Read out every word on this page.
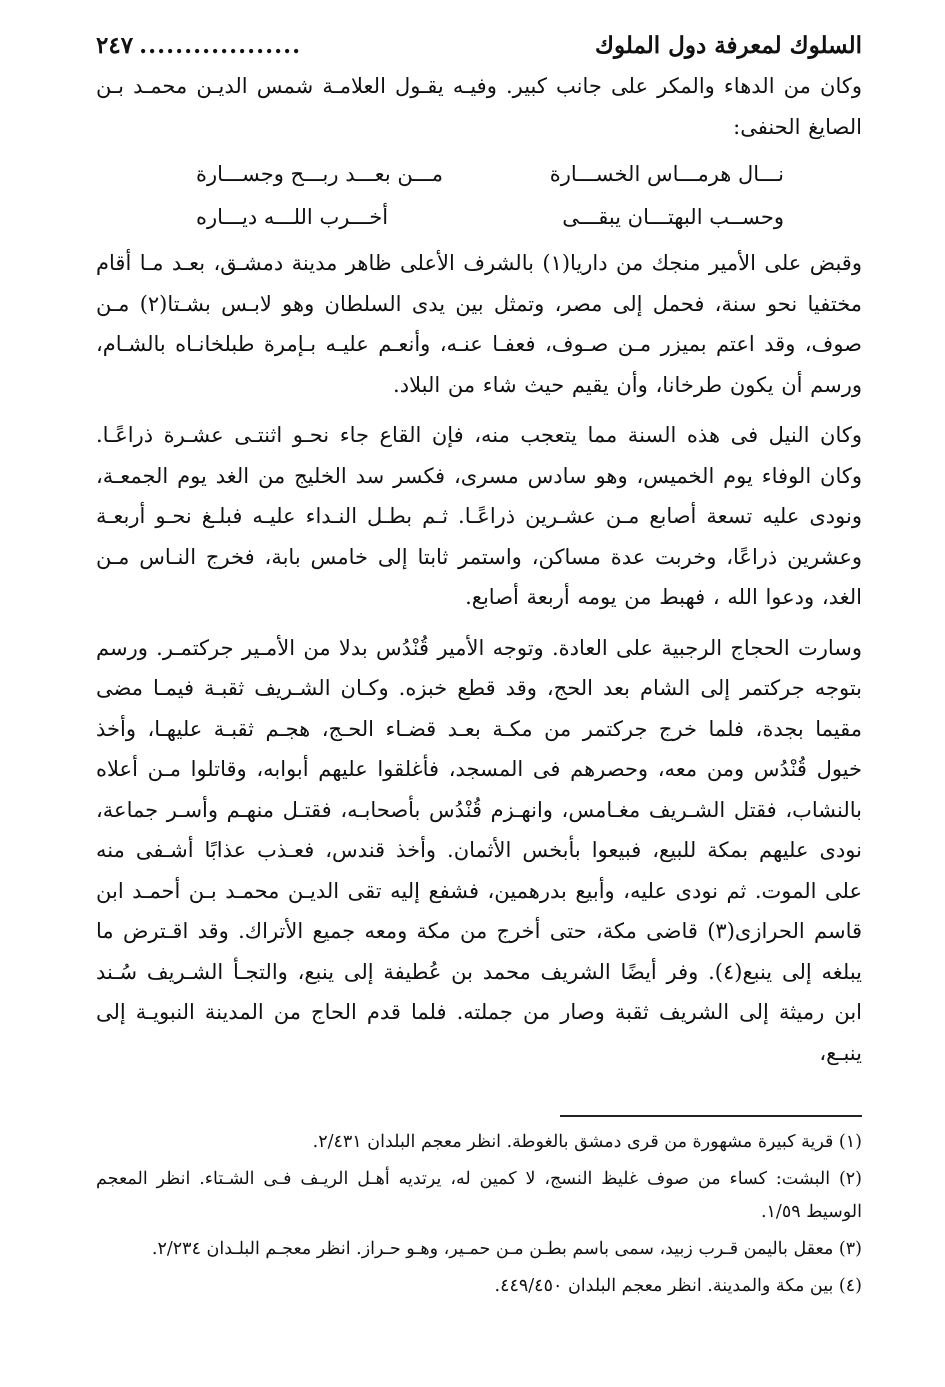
السلوك لمعرفة دول الملوك
..................
٢٤٧

وكان من الدهاء والمكر على جانب كبير. وفيـه يقـول العلامـة شمس الديـن محمـد بـن الصايغ الحنفى:

نـــال هرمـــاس الخســـارة
مـــن بعـــد ربـــح وجســـارة
وحســب البهتـــان يبقـــى
أخـــرب اللـــه ديـــاره

وقبض على الأمير منجك من داريا(١) بالشرف الأعلى ظاهر مدينة دمشـق، بعـد مـا أقام مختفيا نحو سنة، فحمل إلى مصر، وتمثل بين يدى السلطان وهو لابـس بشـتا(٢) مـن صوف، وقد اعتم بميزر مـن صـوف، فعفـا عنـه، وأنعـم عليـه بـإمرة طبلخانـاه بالشـام، ورسم أن يكون طرخانا، وأن يقيم حيث شاء من البلاد.

وكان النيل فى هذه السنة مما يتعجب منه، فإن القاع جاء نحـو اثنتـى عشـرة ذراعًـا. وكان الوفاء يوم الخميس، وهو سادس مسرى، فكسر سد الخليج من الغد يوم الجمعـة، ونودى عليه تسعة أصابع مـن عشـرين ذراعًـا. ثـم بطـل النـداء عليـه فبلـغ نحـو أربعـة وعشرين ذراعًا، وخربت عدة مساكن، واستمر ثابتا إلى خامس بابة، فخرج النـاس مـن الغد، ودعوا الله ، فهبط من يومه أربعة أصابع.

وسارت الحجاج الرجبية على العادة. وتوجه الأمير قُنْدُس بدلا من الأمـير جركتمـر. ورسم بتوجه جركتمر إلى الشام بعد الحج، وقد قطع خبزه. وكـان الشـريف ثقبـة فيمـا مضى مقيما بجدة، فلما خرج جركتمر من مكـة بعـد قضـاء الحـج، هجـم ثقبـة عليهـا، وأخذ خيول قُنْدُس ومن معه، وحصرهم فى المسجد، فأغلقوا عليهم أبوابه، وقاتلوا مـن أعلاه بالنشاب، فقتل الشـريف مغـامس، وانهـزم قُنْدُس بأصحابـه، فقتـل منهـم وأسـر جماعة، نودى عليهم بمكة للبيع، فبيعوا بأبخس الأثمان. وأخذ قندس، فعـذب عذابًا أشـفى منه على الموت. ثم نودى عليه، وأبيع بدرهمين، فشفع إليه تقى الديـن محمـد بـن أحمـد ابن قاسم الحرازى(٣) قاضى مكة، حتى أخرج من مكة ومعه جميع الأتراك. وقد اقـترض ما يبلغه إلى ينبع(٤). وفر أيضًا الشريف محمد بن عُطيفة إلى ينبع، والتجـأ الشـريف سُـند ابن رميثة إلى الشريف ثقبة وصار من جملته. فلما قدم الحاج من المدينة النبويـة إلى ينبـع،

(١) قرية كبيرة مشهورة من قرى دمشق بالغوطة. انظر معجم البلدان ٢/٤٣١.

(٢) البشت: كساء من صوف غليظ النسج، لا كمين له، يرتديه أهـل الريـف فـى الشـتاء. انظر المعجم الوسيط ١/٥٩.

(٣) معقل باليمن قـرب زبيد، سمى باسم بطـن مـن حمـير، وهـو حـراز. انظر معجـم البلـدان ٢/٢٣٤.

(٤) بين مكة والمدينة. انظر معجم البلدان ٤٤٩/٤٥٠.
